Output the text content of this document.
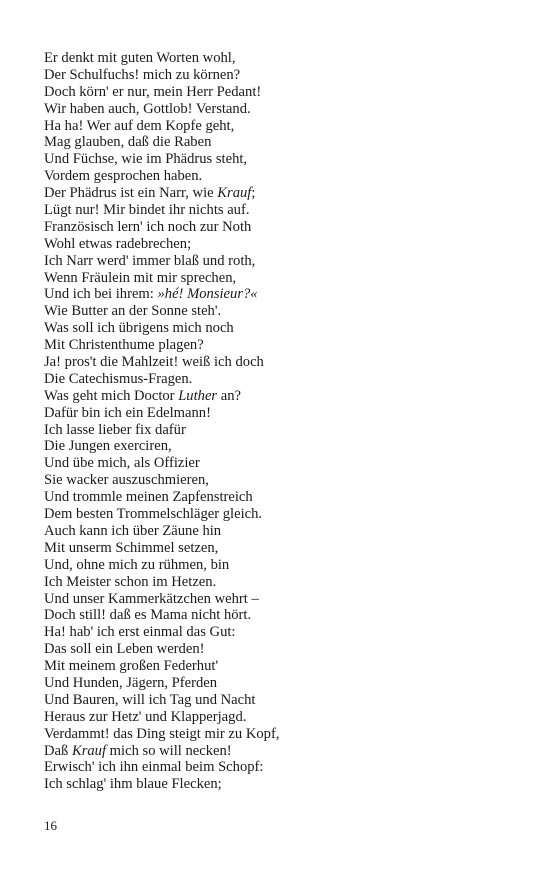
Er denkt mit guten Worten wohl,
Der Schulfuchs! mich zu körnen?
Doch körn' er nur, mein Herr Pedant!
Wir haben auch, Gottlob! Verstand.
Ha ha! Wer auf dem Kopfe geht,
Mag glauben, daß die Raben
Und Füchse, wie im Phädrus steht,
Vordem gesprochen haben.
Der Phädrus ist ein Narr, wie Krauf;
Lügt nur! Mir bindet ihr nichts auf.
Französisch lern' ich noch zur Noth
Wohl etwas radebrechen;
Ich Narr werd' immer blaß und roth,
Wenn Fräulein mit mir sprechen,
Und ich bei ihrem: »hé! Monsieur?«
Wie Butter an der Sonne steh'.
Was soll ich übrigens mich noch
Mit Christenthume plagen?
Ja! pros't die Mahlzeit! weiß ich doch
Die Catechismus-Fragen.
Was geht mich Doctor Luther an?
Dafür bin ich ein Edelmann!
Ich lasse lieber fix dafür
Die Jungen exerciren,
Und übe mich, als Offizier
Sie wacker auszuschmieren,
Und trommle meinen Zapfenstreich
Dem besten Trommelschläger gleich.
Auch kann ich über Zäune hin
Mit unserm Schimmel setzen,
Und, ohne mich zu rühmen, bin
Ich Meister schon im Hetzen.
Und unser Kammerkätzchen wehrt –
Doch still! daß es Mama nicht hört.
Ha! hab' ich erst einmal das Gut:
Das soll ein Leben werden!
Mit meinem großen Federhut'
Und Hunden, Jägern, Pferden
Und Bauren, will ich Tag und Nacht
Heraus zur Hetz' und Klapperjagd.
Verdammt! das Ding steigt mir zu Kopf,
Daß Krauf mich so will necken!
Erwisch' ich ihn einmal beim Schopf:
Ich schlag' ihm blaue Flecken;
16
